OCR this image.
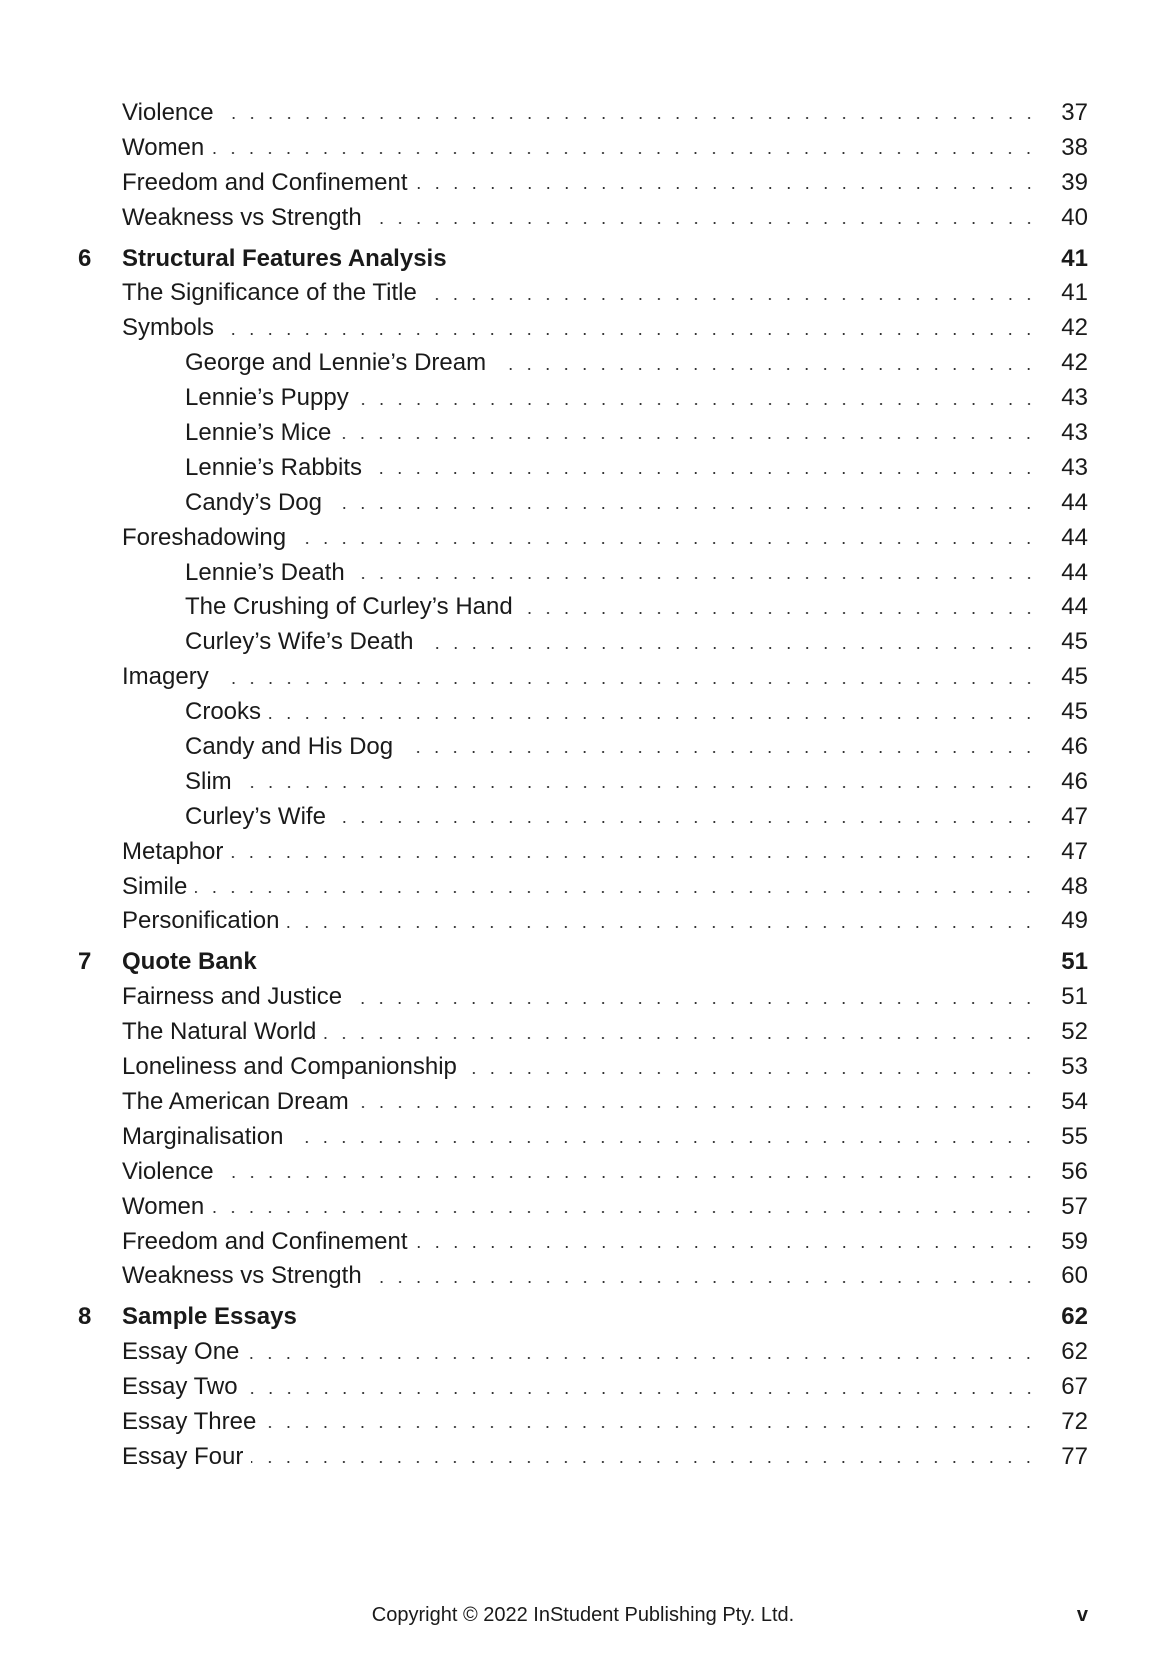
Violence	37
Women	38
Freedom and Confinement	39
Weakness vs Strength	40
6 Structural Features Analysis	41
The Significance of the Title	41
Symbols	42
George and Lennie’s Dream	42
Lennie’s Puppy	43
Lennie’s Mice	43
Lennie’s Rabbits	43
Candy’s Dog	44
Foreshadowing	44
Lennie’s Death	44
The Crushing of Curley’s Hand	44
Curley’s Wife’s Death	45
Imagery	45
Crooks	45
Candy and His Dog	46
Slim	46
Curley’s Wife	47
Metaphor	47
Simile	48
Personification	49
7 Quote Bank	51
Fairness and Justice	51
The Natural World	52
Loneliness and Companionship	53
The American Dream	54
Marginalisation	55
Violence	56
Women	57
Freedom and Confinement	59
Weakness vs Strength	60
8 Sample Essays	62
Essay One	62
Essay Two	67
Essay Three	72
Essay Four	77
Copyright © 2022 InStudent Publishing Pty. Ltd.	v
